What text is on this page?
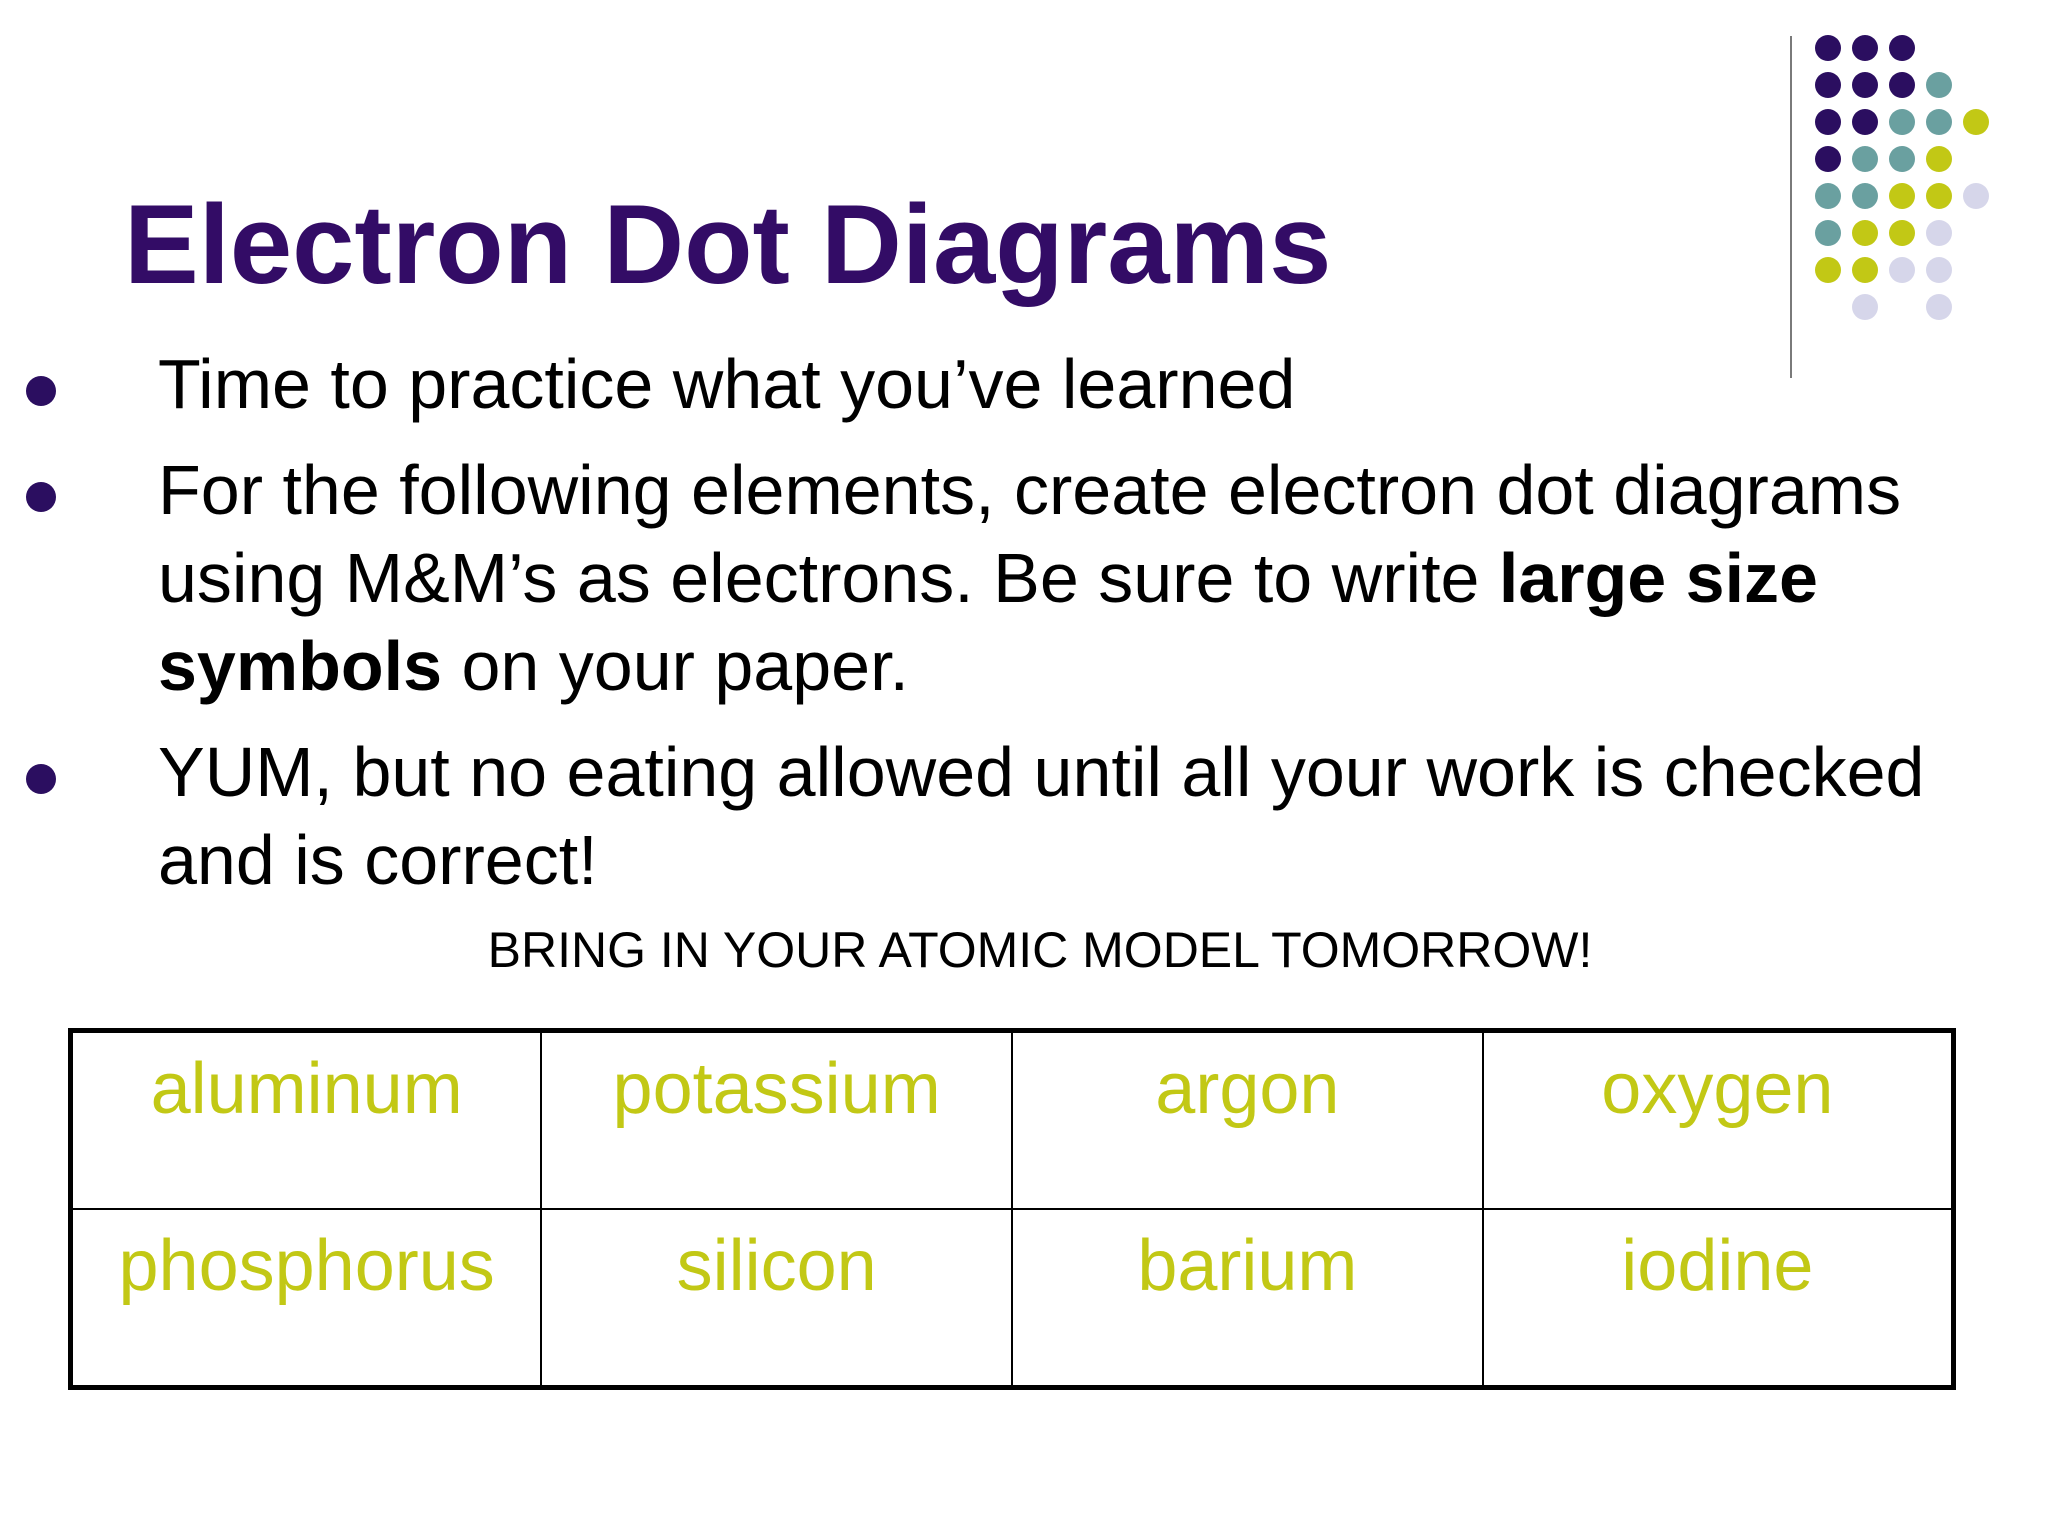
Electron Dot Diagrams
Time to practice what you’ve learned
For the following elements, create electron dot diagrams
using M&M’s as electrons. Be sure to write large size
symbols on your paper.
YUM, but no eating allowed until all your work is checked
and is correct!
BRING IN YOUR ATOMIC MODEL TOMORROW!
aluminum	potassium	argon	oxygen
phosphorus	silicon	barium	iodine
